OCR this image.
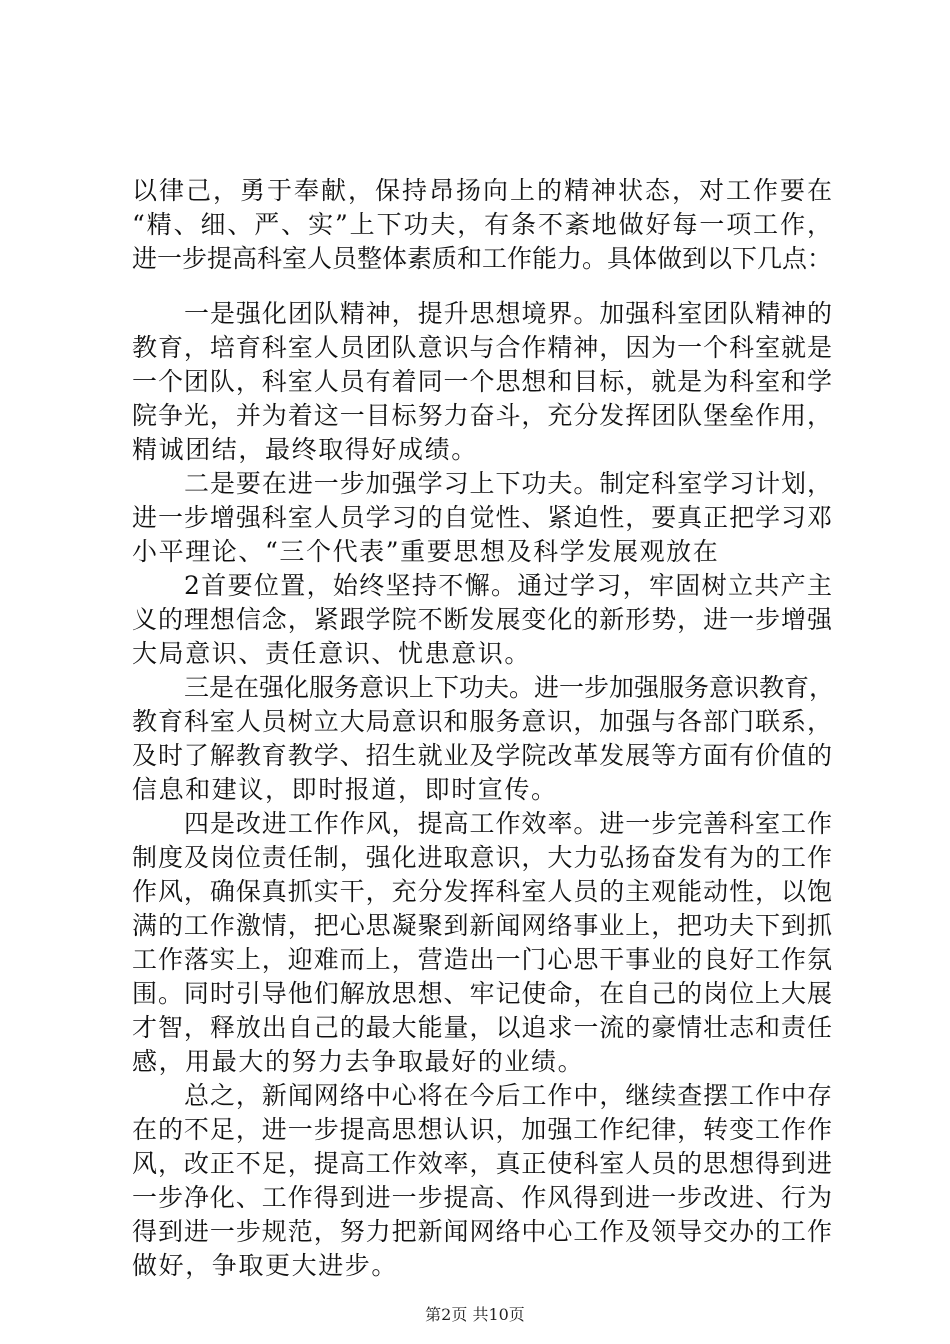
以律己，勇于奉献，保持昂扬向上的精神状态，对工作要在
“精、细、严、实”上下功夫，有条不紊地做好每一项工作，
进一步提高科室人员整体素质和工作能力。具体做到以下几点：
一是强化团队精神，提升思想境界。加强科室团队精神的
教育，培育科室人员团队意识与合作精神，因为一个科室就是
一个团队，科室人员有着同一个思想和目标，就是为科室和学
院争光，并为着这一目标努力奋斗，充分发挥团队堡垒作用，
精诚团结，最终取得好成绩。
二是要在进一步加强学习上下功夫。制定科室学习计划，
进一步增强科室人员学习的自觉性、紧迫性，要真正把学习邓
小平理论、“三个代表”重要思想及科学发展观放在
2首要位置，始终坚持不懈。通过学习，牢固树立共产主
义的理想信念，紧跟学院不断发展变化的新形势，进一步增强
大局意识、责任意识、忧患意识。
三是在强化服务意识上下功夫。进一步加强服务意识教育，
教育科室人员树立大局意识和服务意识，加强与各部门联系，
及时了解教育教学、招生就业及学院改革发展等方面有价值的
信息和建议，即时报道，即时宣传。
四是改进工作作风，提高工作效率。进一步完善科室工作
制度及岗位责任制，强化进取意识，大力弘扬奋发有为的工作
作风，确保真抓实干，充分发挥科室人员的主观能动性，以饱
满的工作激情，把心思凝聚到新闻网络事业上，把功夫下到抓
工作落实上，迎难而上，营造出一门心思干事业的良好工作氛
围。同时引导他们解放思想、牢记使命，在自己的岗位上大展
才智，释放出自己的最大能量，以追求一流的豪情壮志和责任
感，用最大的努力去争取最好的业绩。
总之，新闻网络中心将在今后工作中，继续查摆工作中存
在的不足，进一步提高思想认识，加强工作纪律，转变工作作
风，改正不足，提高工作效率，真正使科室人员的思想得到进
一步净化、工作得到进一步提高、作风得到进一步改进、行为
得到进一步规范，努力把新闻网络中心工作及领导交办的工作
做好，争取更大进步。
第2页 共10页
